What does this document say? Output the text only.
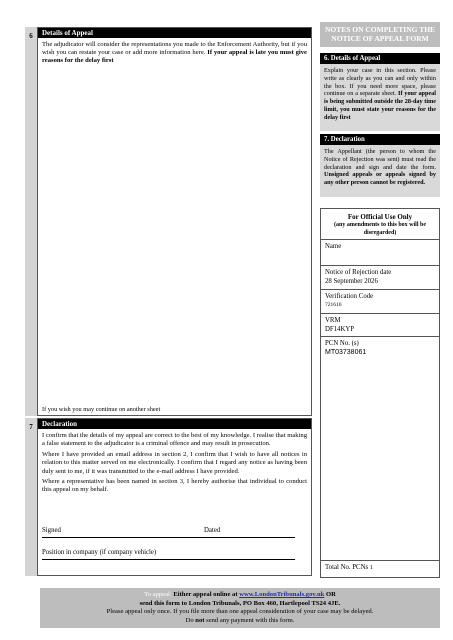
6	Details of Appeal
The adjudicator will consider the representations you made to the Enforcement Authority, but if you wish you can restate your case or add more information here. If your appeal is late you must give reasons for the delay first
If you wish you may continue on another sheet
7	Declaration

I confirm that the details of my appeal are correct to the best of my knowledge. I realise that making a false statement to the adjudicator is a criminal offence and may result in prosecution.

Where I have provided an email address in section 2, I confirm that I wish to have all notices in relation to this matter served on me electronically. I confirm that I regard any notice as having been duly sent to me, if it was transmitted to the e-mail address I have provided.

Where a representative has been named in section 3, I hereby authorise that individual to conduct this appeal on my behalf.

Signed	Dated
Position in company (if company vehicle)
NOTES ON COMPLETING THE NOTICE OF APPEAL FORM
6. Details of Appeal
Explain your case in this section. Please write as clearly as you can and only within the box. If you need more space, please continue on a separate sheet. If your appeal is being submitted outside the 28-day time limit, you must state your reasons for the delay first
7. Declaration
The Appellant (the person to whom the Notice of Rejection was sent) must read the declaration and sign and date the form. Unsigned appeals or appeals signed by any other person cannot be registered.
For Official Use Only
(any amendments to this box will be disregarded)
Name
Notice of Rejection date
28 September 2026
Verification Code
721616
VRM
DF14KYP
PCN No. (s)
MT03738061
Total No. PCNs 1
To appeal: Either appeal online at www.LondonTribunals.gov.uk OR
send this form to London Tribunals, PO Box 460, Hartlepool TS24 4JE.
Please appeal only once. If you file more than one appeal consideration of your case may be delayed.
Do not send any payment with this form.
